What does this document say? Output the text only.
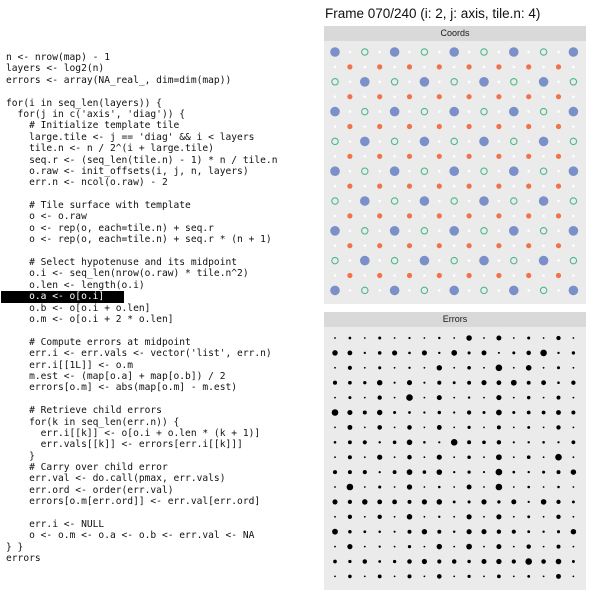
Frame 070/240 (i: 2, j: axis, tile.n: 4)
n <- nrow(map) - 1
layers <- log2(n)
errors <- array(NA_real_, dim=dim(map))
for(i in seq_len(layers)) {
for(j in c('axis', 'diag')) {
# Initialize template tile
large.tile <- j == 'diag' && i < layers
tile.n <- n / 2^(i + large.tile)
seq.r <- (seq_len(tile.n) - 1) * n / tile.n
o.raw <- init_offsets(i, j, n, layers)
err.n <- ncol(o.raw) - 2
# Tile surface with template
o <- o.raw
o <- rep(o, each=tile.n) + seq.r
o <- rep(o, each=tile.n) + seq.r * (n + 1)
# Select hypotenuse and its midpoint
o.i <- seq_len(nrow(o.raw) * tile.n^2)
o.len <- length(o.i)
o.a <- o[o.i]
o.b <- o[o.i + o.len]
o.m <- o[o.i + 2 * o.len]
# Compute errors at midpoint
err.i <- err.vals <- vector('list', err.n)
err.i[[1L]] <- o.m
m.est <- (map[o.a] + map[o.b]) / 2
errors[o.m] <- abs(map[o.m] - m.est)
# Retrieve child errors
for(k in seq_len(err.n)) {
err.i[[k]] <- o[o.i + o.len * (k + 1)]
err.vals[[k]] <- errors[err.i[[k]]]
}
# Carry over child error
err.val <- do.call(pmax, err.vals)
err.ord <- order(err.val)
errors[o.m[err.ord]] <- err.val[err.ord]
err.i <- NULL
o <- o.m <- o.a <- o.b <- err.val <- NA
} }
errors
Coords
Errors
